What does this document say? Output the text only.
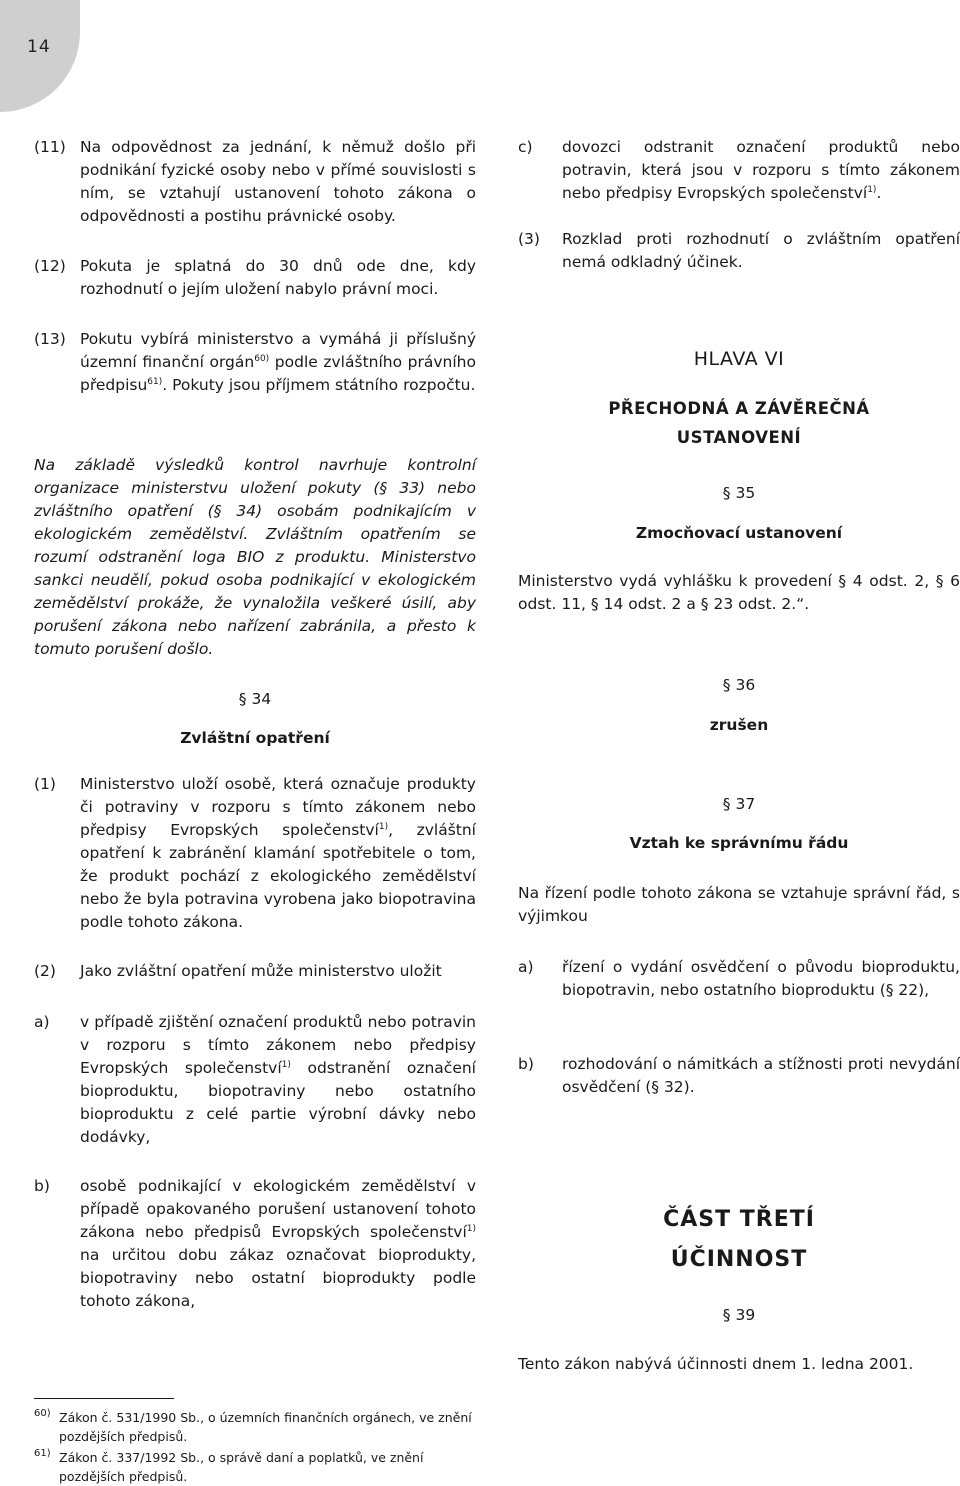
14
(11) Na odpovědnost za jednání, k němuž došlo při podnikání fyzické osoby nebo v přímé souvislosti s ním, se vztahují ustanovení tohoto zákona o odpovědnosti a postihu právnické osoby.
(12) Pokuta je splatná do 30 dnů ode dne, kdy rozhodnutí o jejím uložení nabylo právní moci.
(13) Pokutu vybírá ministerstvo a vymáhá ji příslušný územní finanční orgán$^{60)}$ podle zvláštního právního předpisu$^{61)}$. Pokuty jsou příjmem státního rozpočtu.
Na základě výsledků kontrol navrhuje kontrolní organizace ministerstvu uložení pokuty (§ 33) nebo zvláštního opatření (§ 34) osobám podnikajícím v ekologickém zemědělství. Zvláštním opatřením se rozumí odstranění loga BIO z produktu. Ministerstvo sankci neudělí, pokud osoba podnikající v ekologickém zemědělství prokáže, že vynaložila veškeré úsilí, aby porušení zákona nebo nařízení zabránila, a přesto k tomuto porušení došlo.
§ 34
Zvláštní opatření
(1) Ministerstvo uloží osobě, která označuje produkty či potraviny v rozporu s tímto zákonem nebo předpisy Evropských společenství$^{1)}$, zvláštní opatření k zabránění klamání spotřebitele o tom, že produkt pochází z ekologického zemědělství nebo že byla potravina vyrobena jako biopotravina podle tohoto zákona.
(2) Jako zvláštní opatření může ministerstvo uložit
a) v případě zjištění označení produktů nebo potravin v rozporu s tímto zákonem nebo předpisy Evropských společenství$^{1)}$ odstranění označení bioproduktu, biopotraviny nebo ostatního bioproduktu z celé partie výrobní dávky nebo dodávky,
b) osobě podnikající v ekologickém zemědělství v případě opakovaného porušení ustanovení tohoto zákona nebo předpisů Evropských společenství$^{1)}$ na určitou dobu zákaz označovat bioprodukty, biopotraviny nebo ostatní bioprodukty podle tohoto zákona,
60) Zákon č. 531/1990 Sb., o územních finančních orgánech, ve znění pozdějších předpisů.
61) Zákon č. 337/1992 Sb., o správě daní a poplatků, ve znění pozdějších předpisů.
c) dovozci odstranit označení produktů nebo potravin, která jsou v rozporu s tímto zákonem nebo předpisy Evropských společenství$^{1)}$.
(3) Rozklad proti rozhodnutí o zvláštním opatření nemá odkladný účinek.
HLAVA VI
PŘECHODNÁ A ZÁVĚREČNÁ
USTANOVENÍ
§ 35
Zmocňovací ustanovení
Ministerstvo vydá vyhlášku k provedení § 4 odst. 2, § 6 odst. 11, § 14 odst. 2 a § 23 odst. 2.“.
§ 36
zrušen
§ 37
Vztah ke správnímu řádu
Na řízení podle tohoto zákona se vztahuje správní řád, s výjimkou
a) řízení o vydání osvědčení o původu bioproduktu, biopotravin, nebo ostatního bioproduktu (§ 22),
b) rozhodování o námitkách a stížnosti proti nevydání osvědčení (§ 32).
ČÁST TŘETÍ
ÚČINNOST
§ 39
Tento zákon nabývá účinnosti dnem 1. ledna 2001.
